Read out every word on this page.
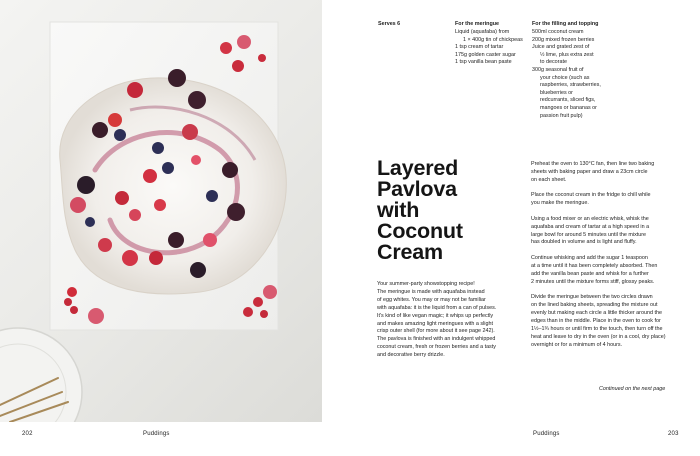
202	Puddings	Puddings	203
Serves 6	For the meringue
Liquid (aquafaba) from
1 × 400g tin of chickpeas
1 tsp cream of tartar
175g golden caster sugar
1 tsp vanilla bean paste
For the filling and topping
500ml coconut cream
200g mixed frozen berries
Juice and grated zest of
½ lime, plus extra zest
to decorate
300g seasonal fruit of
your choice (such as
raspberries, strawberries,
blueberries or
redcurrants, sliced figs,
mangoes or bananas or
passion fruit pulp)
Layered
Pavlova
with
Coconut
Cream
Your summer-party showstopping recipe!
The meringue is made with aquafaba instead
of egg whites. You may or may not be familiar
with aquafaba: it is the liquid from a can of pulses.
It's kind of like vegan magic; it whips up perfectly
and makes amazing light meringues with a slight
crisp outer shell (for more about it see page 242).
The pavlova is finished with an indulgent whipped
coconut cream, fresh or frozen berries and a tasty
and decorative berry drizzle.

Preheat the oven to 130°C fan, then line two baking
sheets with baking paper and draw a 23cm circle
on each sheet.

Place the coconut cream in the fridge to chill while
you make the meringue.

Using a food mixer or an electric whisk, whisk the
aquafaba and cream of tartar at a high speed in a
large bowl for around 5 minutes until the mixture
has doubled in volume and is light and fluffy.

Continue whisking and add the sugar 1 teaspoon
at a time until it has been completely absorbed. Then
add the vanilla bean paste and whisk for a further
2 minutes until the mixture forms stiff, glossy peaks.

Divide the meringue between the two circles drawn
on the lined baking sheets, spreading the mixture out
evenly but making each circle a little thicker around the
edges than in the middle. Place in the oven to cook for
1½–1¾ hours or until firm to the touch, then turn off the
heat and leave to dry in the oven (or in a cool, dry place)
overnight or for a minimum of 4 hours.

Continued on the next page
